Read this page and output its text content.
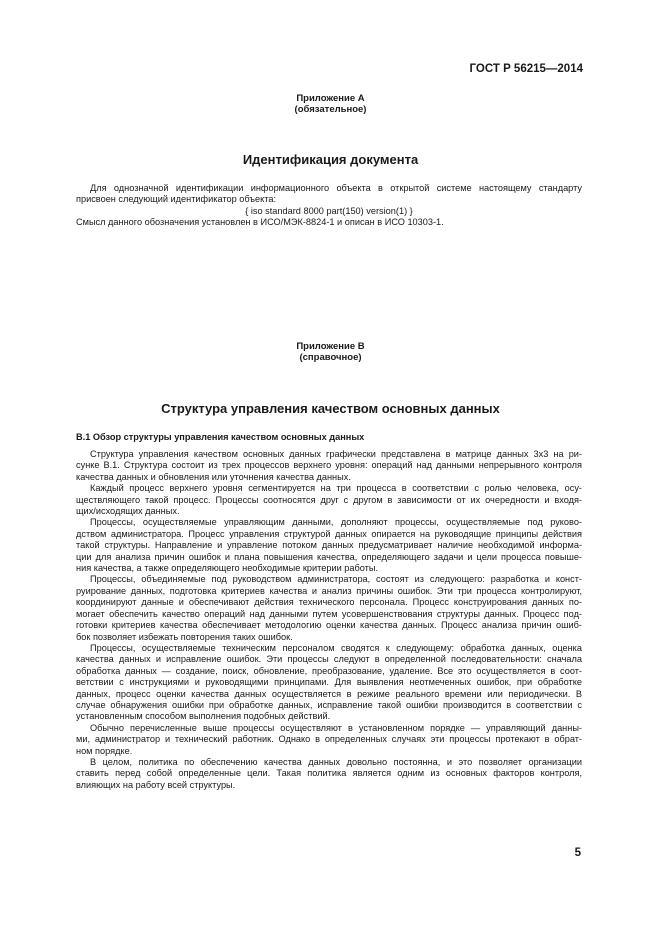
ГОСТ Р 56215—2014
Приложение А
(обязательное)
Идентификация документа
Для однозначной идентификации информационного объекта в открытой системе настоящему стандарту
присвоен следующий идентификатор объекта:
{ iso standard 8000 part(150) version(1) }
Смысл данного обозначения установлен в ИСО/МЭК-8824-1 и описан в ИСО 10303-1.
Приложение В
(справочное)
Структура управления качеством основных данных
В.1 Обзор структуры управления качеством основных данных
Структура управления качеством основных данных графически представлена в матрице данных 3х3 на ри-
сунке В.1. Структура состоит из трех процессов верхнего уровня: операций над данными непрерывного контроля
качества данных и обновления или уточнения качества данных.
Каждый процесс верхнего уровня сегментируется на три процесса в соответствии с ролью человека, осу-
ществляющего такой процесс. Процессы соотносятся друг с другом в зависимости от их очередности и входя-
щих/исходящих данных.
Процессы, осуществляемые управляющим данными, дополняют процессы, осуществляемые под руково-
дством администратора. Процесс управления структурой данных опирается на руководящие принципы действия
такой структуры. Направление и управление потоком данных предусматривает наличие необходимой информа-
ции для анализа причин ошибок и плана повышения качества, определяющего задачи и цели процесса повыше-
ния качества, а также определяющего необходимые критерии работы.
Процессы, объединяемые под руководством администратора, состоят из следующего: разработка и конст-
руирование данных, подготовка критериев качества и анализ причины ошибок. Эти три процесса контролируют,
координируют данные и обеспечивают действия технического персонала. Процесс конструирования данных по-
могает обеспечить качество операций над данными путем усовершенствования структуры данных. Процесс под-
готовки критериев качества обеспечивает методологию оценки качества данных. Процесс анализа причин ошиб-
бок позволяет избежать повторения таких ошибок.
Процессы, осуществляемые техническим персоналом сводятся к следующему: обработка данных, оценка
качества данных и исправление ошибок. Эти процессы следуют в определенной последовательности: сначала
обработка данных — создание, поиск, обновление, преобразование, удаление. Все это осуществляется в соот-
ветствии с инструкциями и руководящими принципами. Для выявления неотмеченных ошибок, при обработке
данных, процесс оценки качества данных осуществляется в режиме реального времени или периодически. В
случае обнаружения ошибки при обработке данных, исправление такой ошибки производится в соответствии с
установленным способом выполнения подобных действий.
Обычно перечисленные выше процессы осуществляют в установленном порядке — управляющий данны-
ми, администратор и технический работник. Однако в определенных случаях эти процессы протекают в обрат-
ном порядке.
В целом, политика по обеспечению качества данных довольно постоянна, и это позволяет организации
ставить перед собой определенные цели. Такая политика является одним из основных факторов контроля,
влияющих на работу всей структуры.
5
